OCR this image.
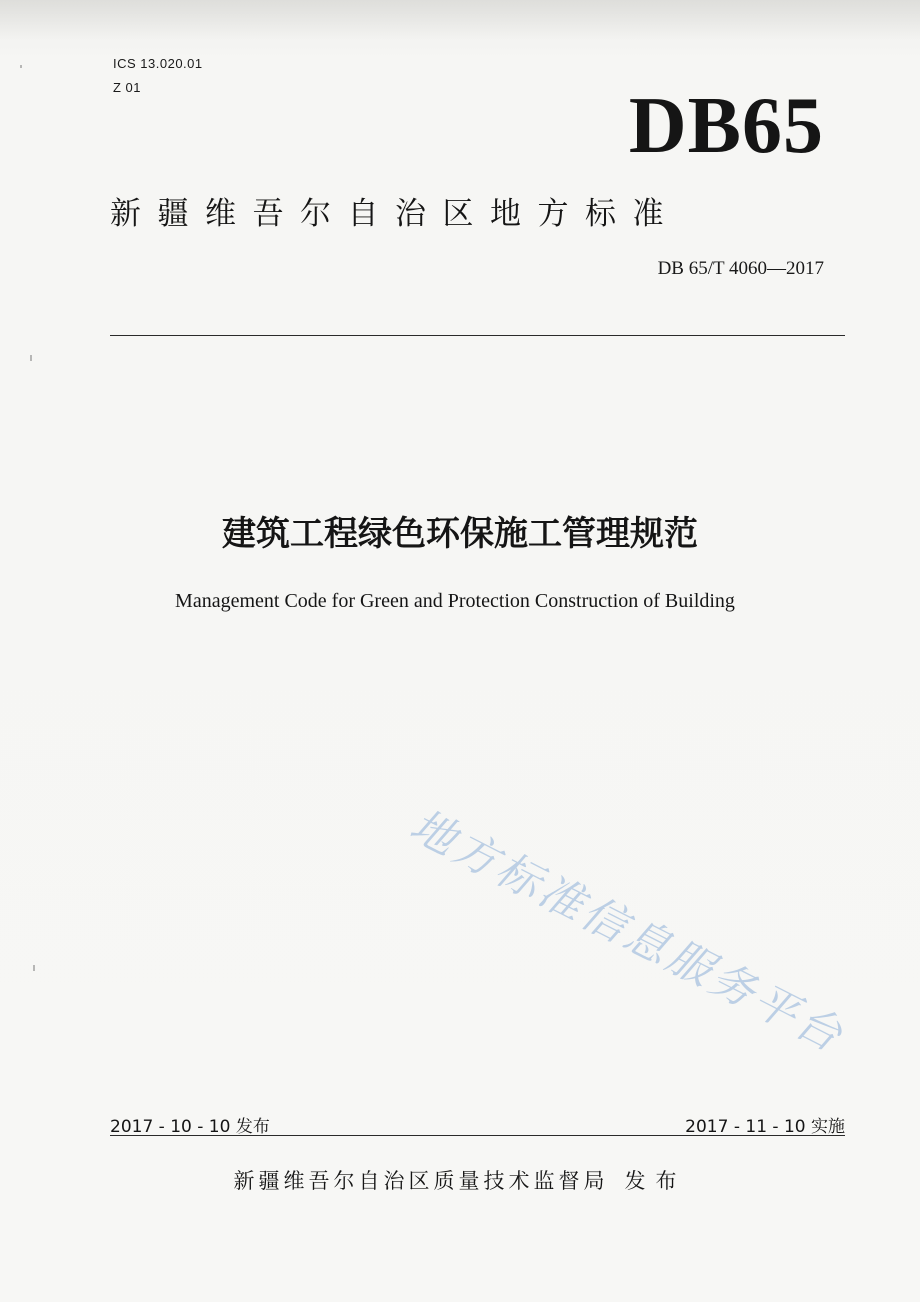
ICS 13.020.01
Z 01	DB65
新疆维吾尔自治区地方标准
DB 65/T 4060—2017
建筑工程绿色环保施工管理规范
Management Code for Green and Protection Construction of Building
地方标准信息服务平台
2017 - 10 - 10 发布	2017 - 11 - 10 实施
新疆维吾尔自治区质量技术监督局 发布
